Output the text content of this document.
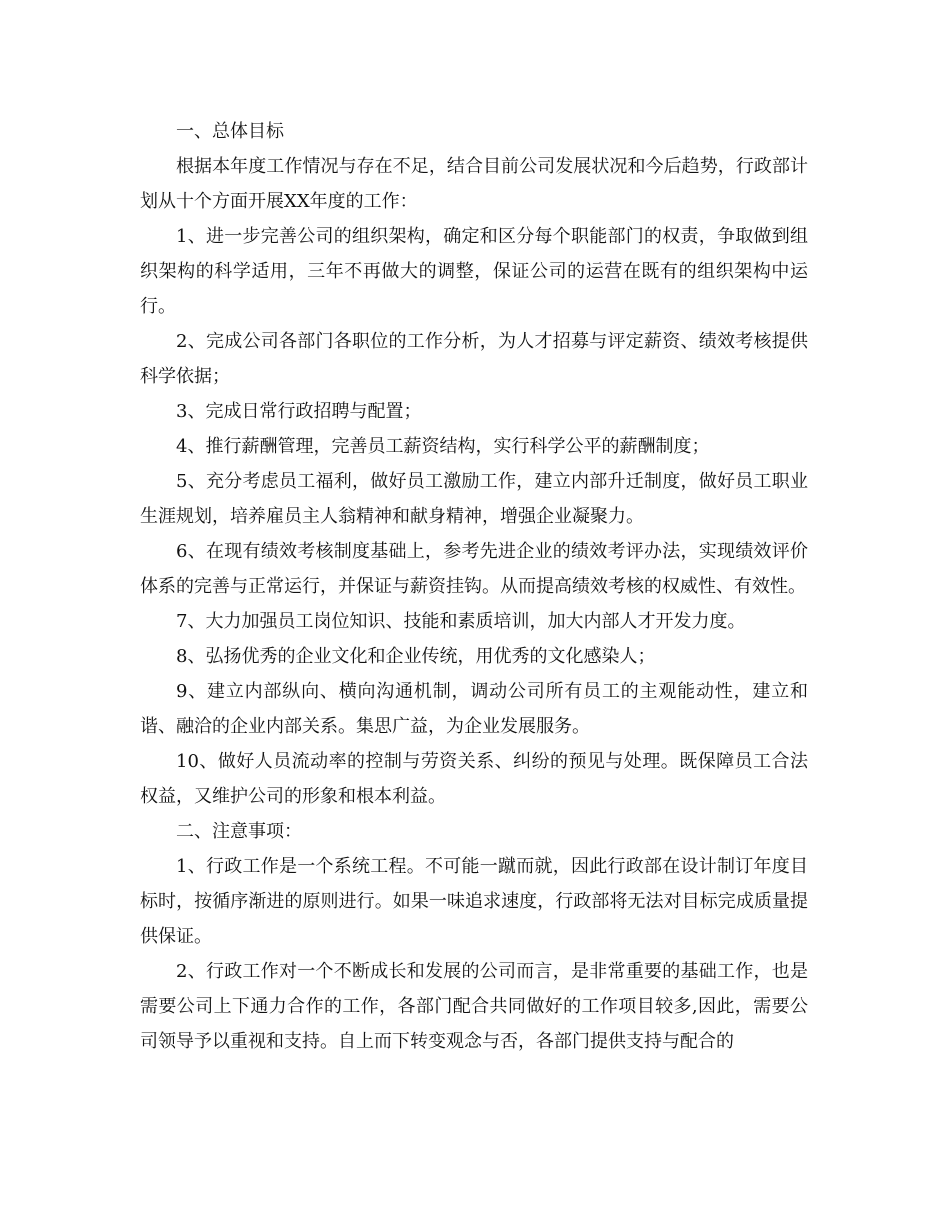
一、总体目标

根据本年度工作情况与存在不足，结合目前公司发展状况和今后趋势，行政部计划从十个方面开展XX年度的工作：

1、进一步完善公司的组织架构，确定和区分每个职能部门的权责，争取做到组织架构的科学适用，三年不再做大的调整，保证公司的运营在既有的组织架构中运行。

2、完成公司各部门各职位的工作分析，为人才招募与评定薪资、绩效考核提供科学依据；

3、完成日常行政招聘与配置；

4、推行薪酬管理，完善员工薪资结构，实行科学公平的薪酬制度；

5、充分考虑员工福利，做好员工激励工作，建立内部升迁制度，做好员工职业生涯规划，培养雇员主人翁精神和献身精神，增强企业凝聚力。

6、在现有绩效考核制度基础上，参考先进企业的绩效考评办法，实现绩效评价体系的完善与正常运行，并保证与薪资挂钩。从而提高绩效考核的权威性、有效性。

7、大力加强员工岗位知识、技能和素质培训，加大内部人才开发力度。

8、弘扬优秀的企业文化和企业传统，用优秀的文化感染人；

9、建立内部纵向、横向沟通机制，调动公司所有员工的主观能动性，建立和谐、融洽的企业内部关系。集思广益，为企业发展服务。

10、做好人员流动率的控制与劳资关系、纠纷的预见与处理。既保障员工合法权益，又维护公司的形象和根本利益。

二、注意事项：

1、行政工作是一个系统工程。不可能一蹴而就，因此行政部在设计制订年度目标时，按循序渐进的原则进行。如果一味追求速度，行政部将无法对目标完成质量提供保证。

2、行政工作对一个不断成长和发展的公司而言，是非常重要的基础工作，也是需要公司上下通力合作的工作，各部门配合共同做好的工作项目较多,因此，需要公司领导予以重视和支持。自上而下转变观念与否，各部门提供支持与配合的
